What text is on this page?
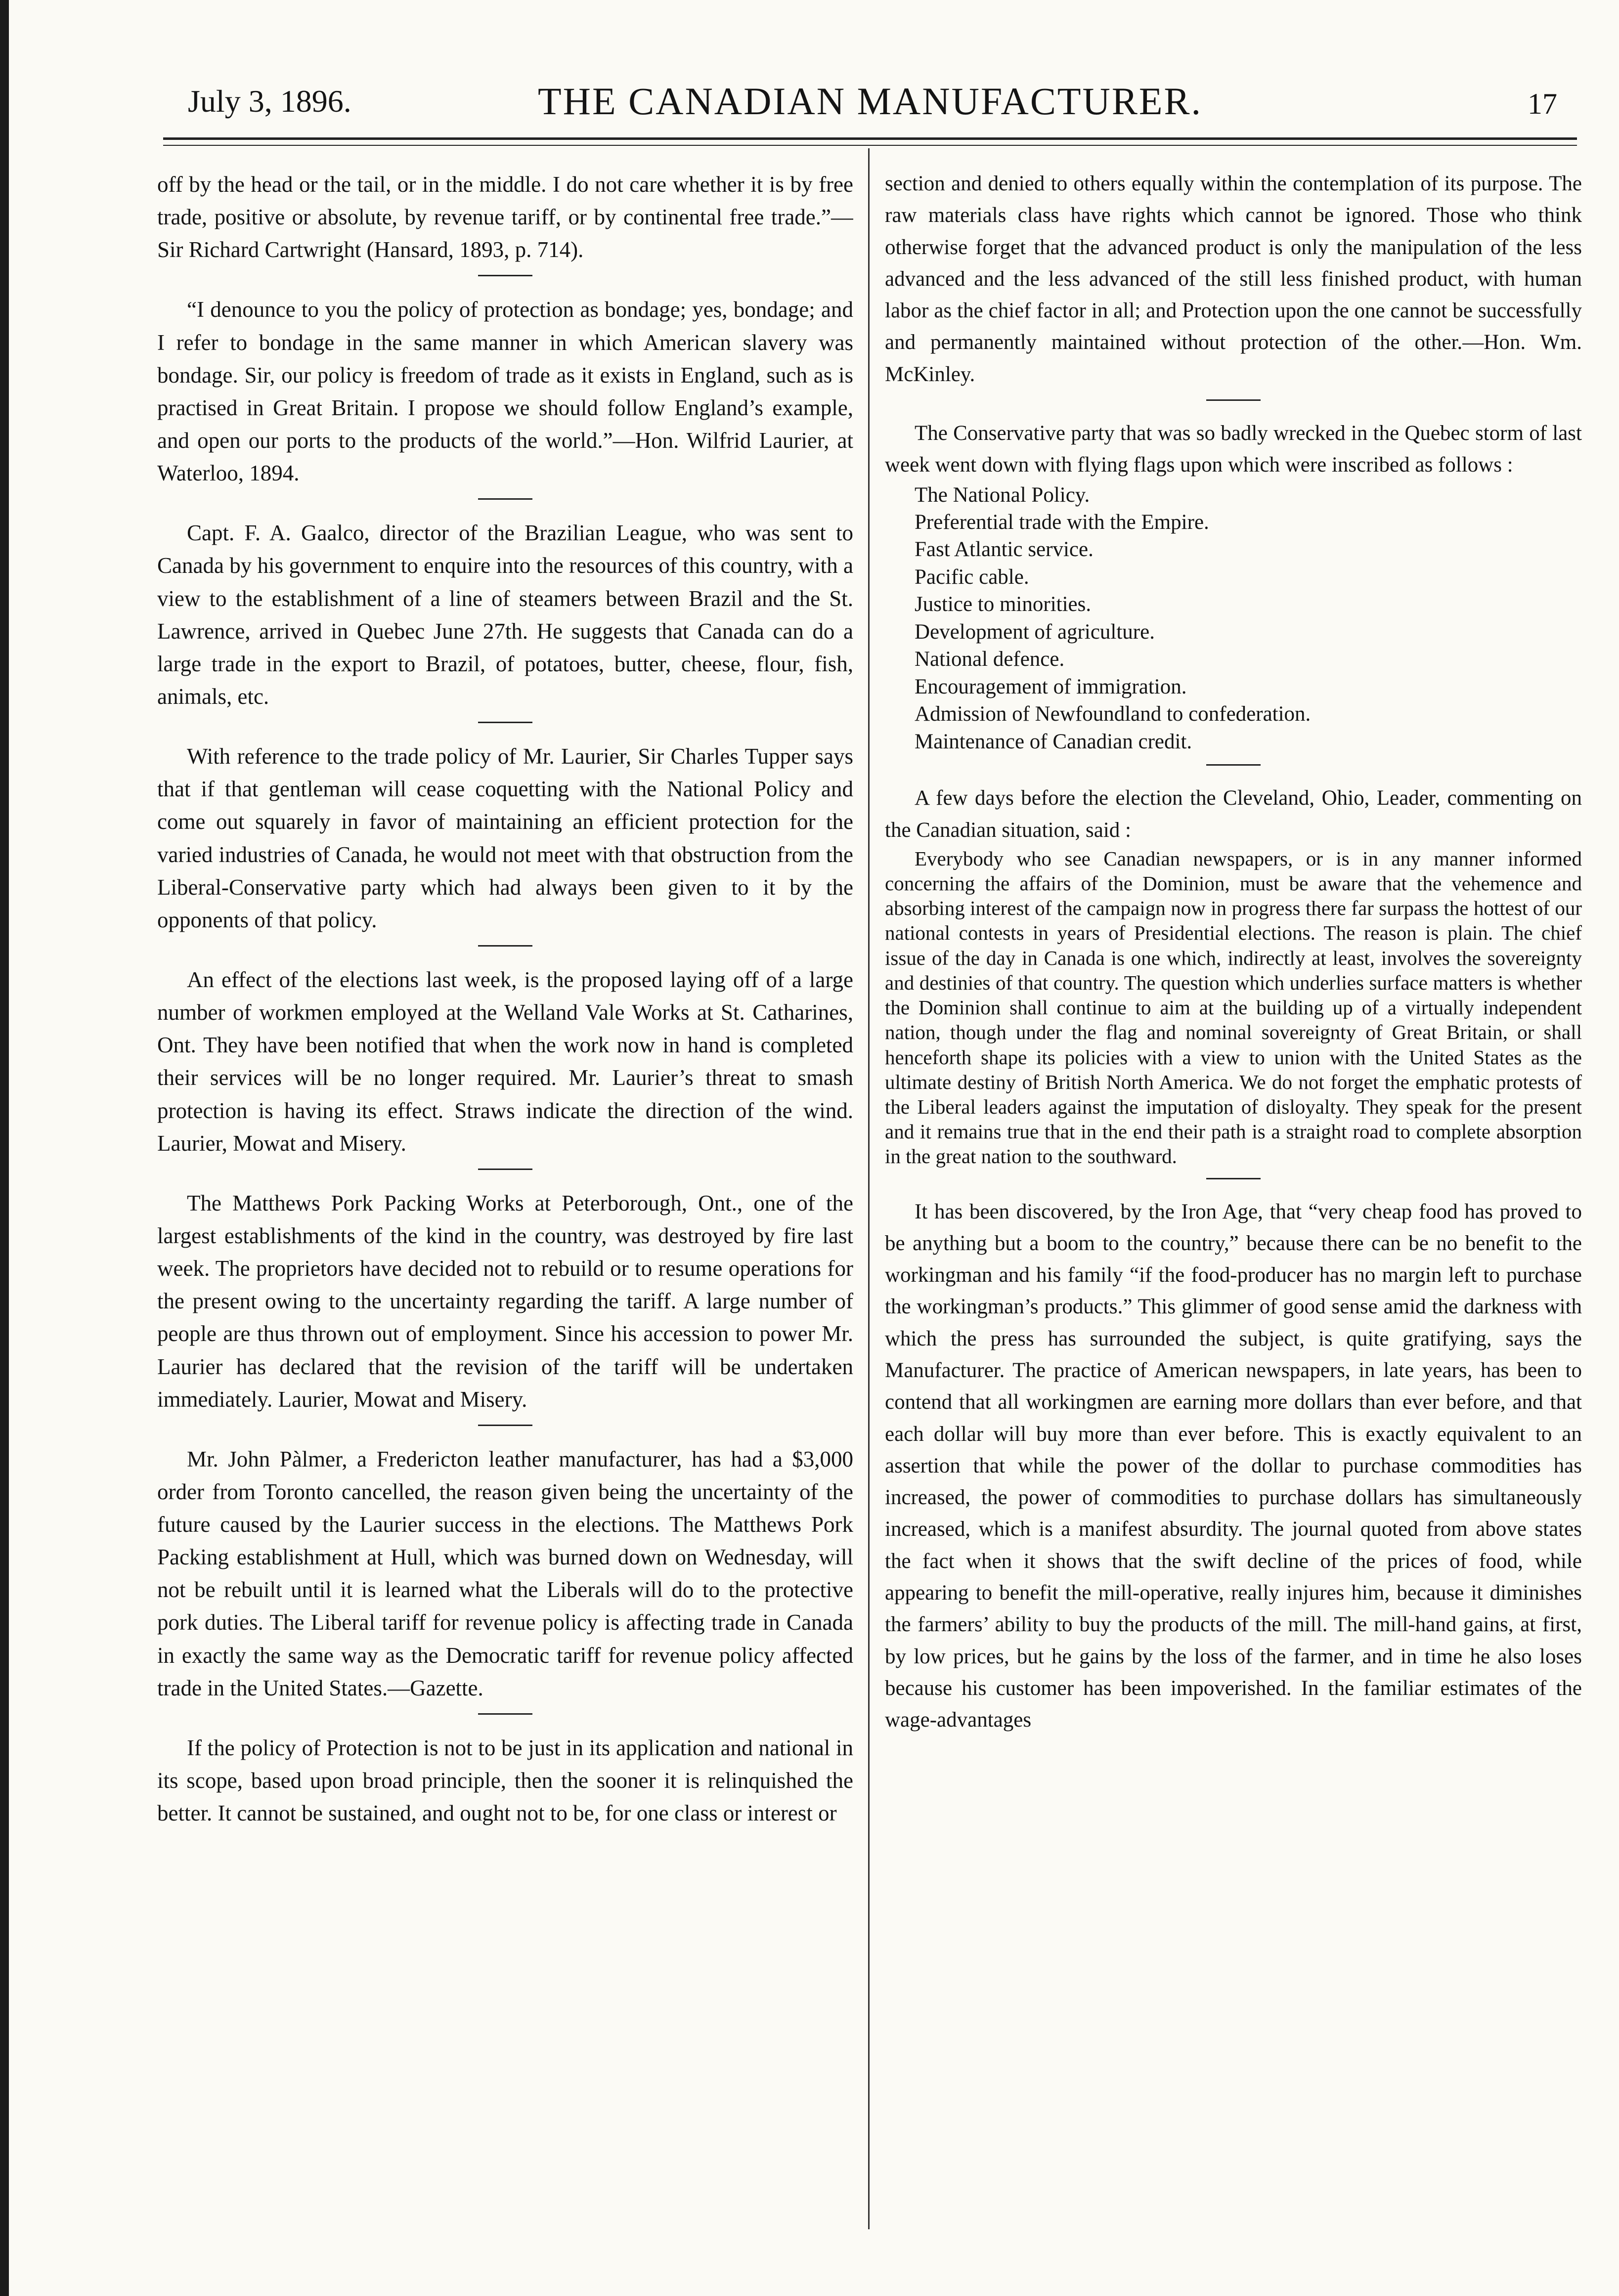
July 3, 1896.	THE CANADIAN MANUFACTURER.	17

off by the head or the tail, or in the middle. I do not care whether it is by free trade, positive or absolute, by revenue tariff, or by continental free trade.”—Sir Richard Cartwright (Hansard, 1893, p. 714).

“I denounce to you the policy of protection as bondage; yes, bondage; and I refer to bondage in the same manner in which American slavery was bondage. Sir, our policy is freedom of trade as it exists in England, such as is practised in Great Britain. I propose we should follow England’s example, and open our ports to the products of the world.”—Hon. Wilfrid Laurier, at Waterloo, 1894.

Capt. F. A. Gaalco, director of the Brazilian League, who was sent to Canada by his government to enquire into the resources of this country, with a view to the establishment of a line of steamers between Brazil and the St. Lawrence, arrived in Quebec June 27th. He suggests that Canada can do a large trade in the export to Brazil, of potatoes, butter, cheese, flour, fish, animals, etc.

With reference to the trade policy of Mr. Laurier, Sir Charles Tupper says that if that gentleman will cease coquetting with the National Policy and come out squarely in favor of maintaining an efficient protection for the varied industries of Canada, he would not meet with that obstruction from the Liberal-Conservative party which had always been given to it by the opponents of that policy.

An effect of the elections last week, is the proposed laying off of a large number of workmen employed at the Welland Vale Works at St. Catharines, Ont. They have been notified that when the work now in hand is completed their services will be no longer required. Mr. Laurier’s threat to smash protection is having its effect. Straws indicate the direction of the wind. Laurier, Mowat and Misery.

The Matthews Pork Packing Works at Peterborough, Ont., one of the largest establishments of the kind in the country, was destroyed by fire last week. The proprietors have decided not to rebuild or to resume operations for the present owing to the uncertainty regarding the tariff. A large number of people are thus thrown out of employment. Since his accession to power Mr. Laurier has declared that the revision of the tariff will be undertaken immediately. Laurier, Mowat and Misery.

Mr. John Pàlmer, a Fredericton leather manufacturer, has had a $3,000 order from Toronto cancelled, the reason given being the uncertainty of the future caused by the Laurier success in the elections. The Matthews Pork Packing establishment at Hull, which was burned down on Wednesday, will not be rebuilt until it is learned what the Liberals will do to the protective pork duties. The Liberal tariff for revenue policy is affecting trade in Canada in exactly the same way as the Democratic tariff for revenue policy affected trade in the United States.—Gazette.

If the policy of Protection is not to be just in its application and national in its scope, based upon broad principle, then the sooner it is relinquished the better. It cannot be sustained, and ought not to be, for one class or interest or

section and denied to others equally within the contemplation of its purpose. The raw materials class have rights which cannot be ignored. Those who think otherwise forget that the advanced product is only the manipulation of the less advanced and the less advanced of the still less finished product, with human labor as the chief factor in all; and Protection upon the one cannot be successfully and permanently maintained without protection of the other.—Hon. Wm. McKinley.

The Conservative party that was so badly wrecked in the Quebec storm of last week went down with flying flags upon which were inscribed as follows :

The National Policy.
Preferential trade with the Empire.
Fast Atlantic service.
Pacific cable.
Justice to minorities.
Development of agriculture.
National defence.
Encouragement of immigration.
Admission of Newfoundland to confederation.
Maintenance of Canadian credit.

A few days before the election the Cleveland, Ohio, Leader, commenting on the Canadian situation, said :

Everybody who see Canadian newspapers, or is in any manner informed concerning the affairs of the Dominion, must be aware that the vehemence and absorbing interest of the campaign now in progress there far surpass the hottest of our national contests in years of Presidential elections. The reason is plain. The chief issue of the day in Canada is one which, indirectly at least, involves the sovereignty and destinies of that country. The question which underlies surface matters is whether the Dominion shall continue to aim at the building up of a virtually independent nation, though under the flag and nominal sovereignty of Great Britain, or shall henceforth shape its policies with a view to union with the United States as the ultimate destiny of British North America. We do not forget the emphatic protests of the Liberal leaders against the imputation of disloyalty. They speak for the present and it remains true that in the end their path is a straight road to complete absorption in the great nation to the southward.

It has been discovered, by the Iron Age, that “very cheap food has proved to be anything but a boom to the country,” because there can be no benefit to the workingman and his family “if the food-producer has no margin left to purchase the workingman’s products.” This glimmer of good sense amid the darkness with which the press has surrounded the subject, is quite gratifying, says the Manufacturer. The practice of American newspapers, in late years, has been to contend that all workingmen are earning more dollars than ever before, and that each dollar will buy more than ever before. This is exactly equivalent to an assertion that while the power of the dollar to purchase commodities has increased, the power of commodities to purchase dollars has simultaneously increased, which is a manifest absurdity. The journal quoted from above states the fact when it shows that the swift decline of the prices of food, while appearing to benefit the mill-operative, really injures him, because it diminishes the farmers’ ability to buy the products of the mill. The mill-hand gains, at first, by low prices, but he gains by the loss of the farmer, and in time he also loses because his customer has been impoverished. In the familiar estimates of the wage-advantages
